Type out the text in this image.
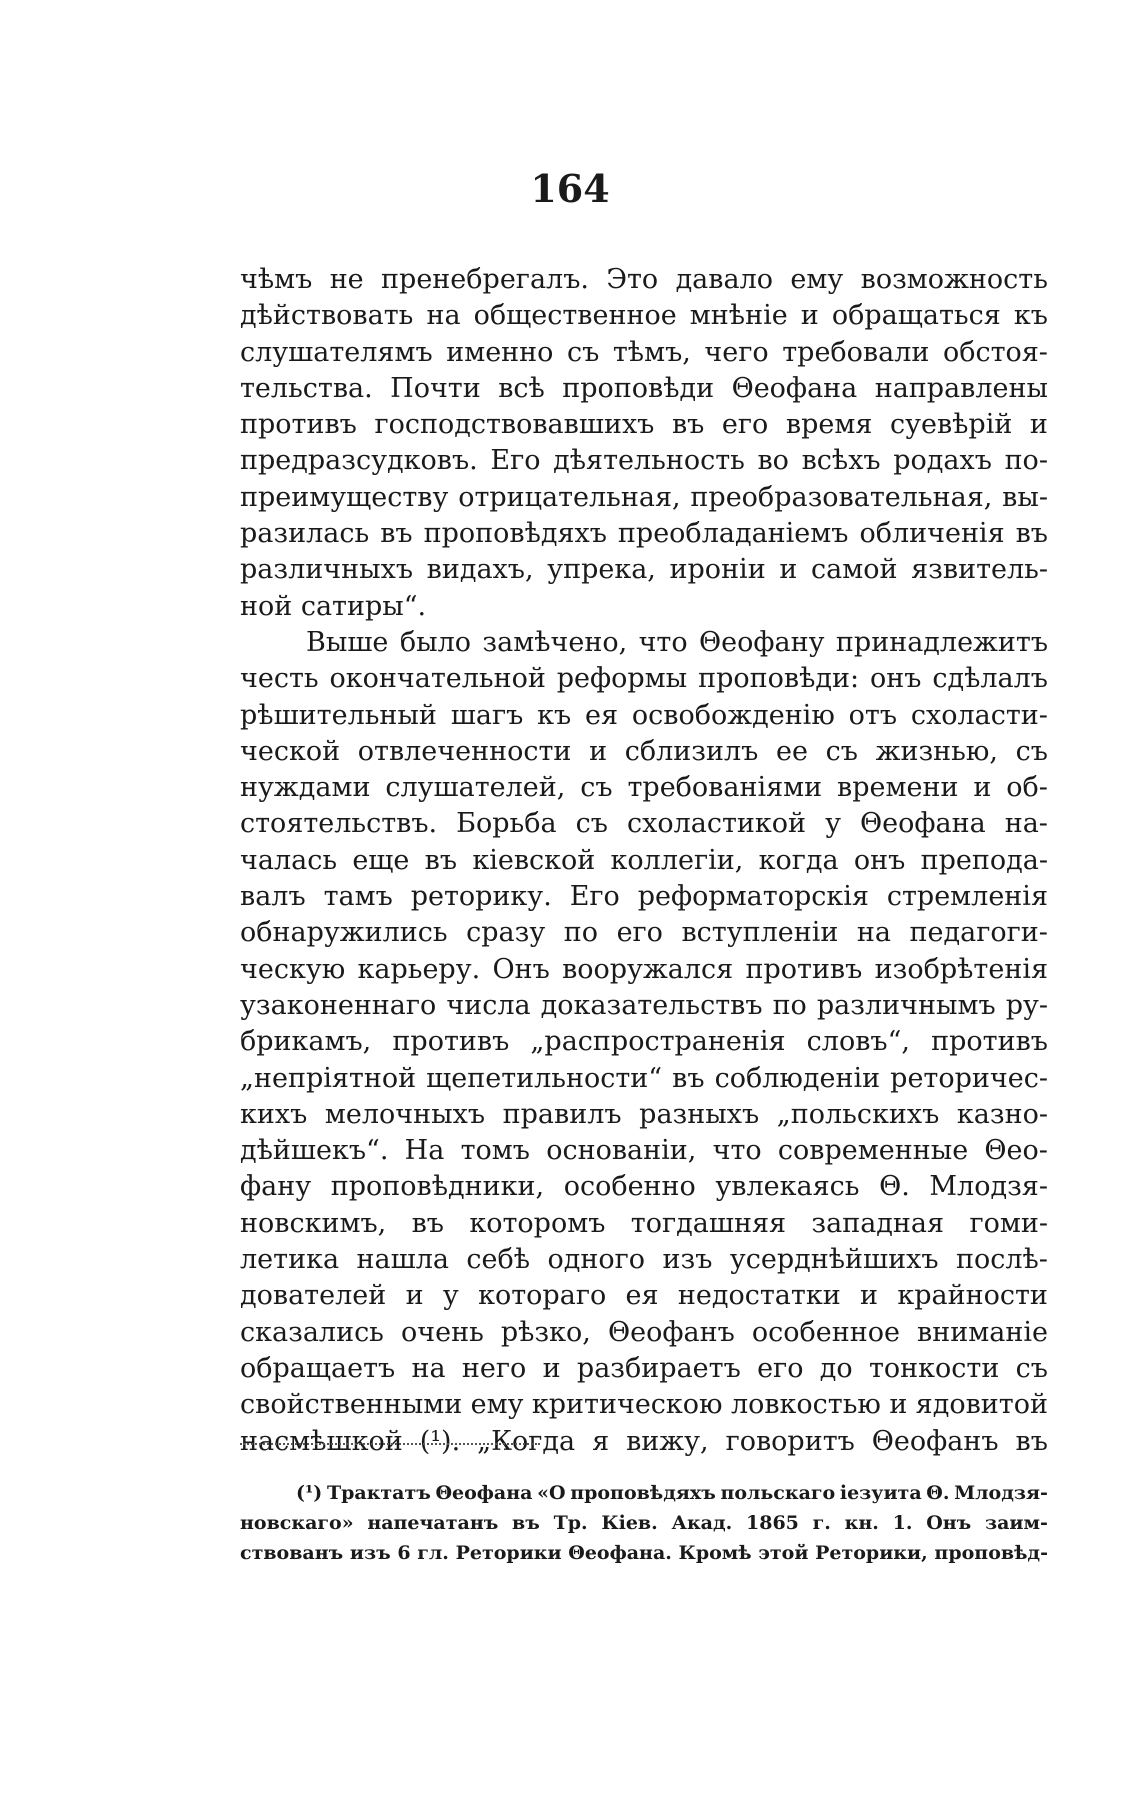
164
чѣмъ не пренебрегалъ. Это давало ему возможность
дѣйствовать на общественное мнѣніе и обращаться къ
слушателямъ именно съ тѣмъ, чего требовали обстоя-
тельства. Почти всѣ проповѣди Θеофана направлены
противъ господствовавшихъ въ его время суевѣрій и
предразсудковъ. Его дѣятельность во всѣхъ родахъ по-
преимуществу отрицательная, преобразовательная, вы-
разилась въ проповѣдяхъ преобладаніемъ обличенія въ
различныхъ видахъ, упрека, ироніи и самой язвитель-
ной сатиры“.
Выше было замѣчено, что Θеофану принадлежитъ
честь окончательной реформы проповѣди: онъ сдѣлалъ
рѣшительный шагъ къ ея освобожденію отъ схоласти-
ческой отвлеченности и сблизилъ ее съ жизнью, съ
нуждами слушателей, съ требованіями времени и об-
стоятельствъ. Борьба съ схоластикой у Θеофана на-
чалась еще въ кіевской коллегіи, когда онъ препода-
валъ тамъ реторику. Его реформаторскія стремленія
обнаружились сразу по его вступленіи на педагоги-
ческую карьеру. Онъ вооружался противъ изобрѣтенія
узаконеннаго числа доказательствъ по различнымъ ру-
брикамъ, противъ „распространенія словъ“, противъ
„непріятной щепетильности“ въ соблюденіи реторичес-
кихъ мелочныхъ правилъ разныхъ „польскихъ казно-
дѣйшекъ“. На томъ основаніи, что современные Θео-
фану проповѣдники, особенно увлекаясь Θ. Млодзя-
новскимъ, въ которомъ тогдашняя западная гоми-
летика нашла себѣ одного изъ усерднѣйшихъ послѣ-
дователей и у котораго ея недостатки и крайности
сказались очень рѣзко, Θеофанъ особенное вниманіе
обращаетъ на него и разбираетъ его до тонкости съ
свойственными ему критическою ловкостью и ядовитой
насмѣшкой (¹). „Когда я вижу, говоритъ Θеофанъ въ
(¹) Трактатъ Θеофана «О проповѣдяхъ польскаго іезуита Θ. Млодзя-
новскаго» напечатанъ въ Тр. Кіев. Акад. 1865 г. кн. 1. Онъ заим-
ствованъ изъ 6 гл. Реторики Θеофана. Кромѣ этой Реторики, проповѣд-
